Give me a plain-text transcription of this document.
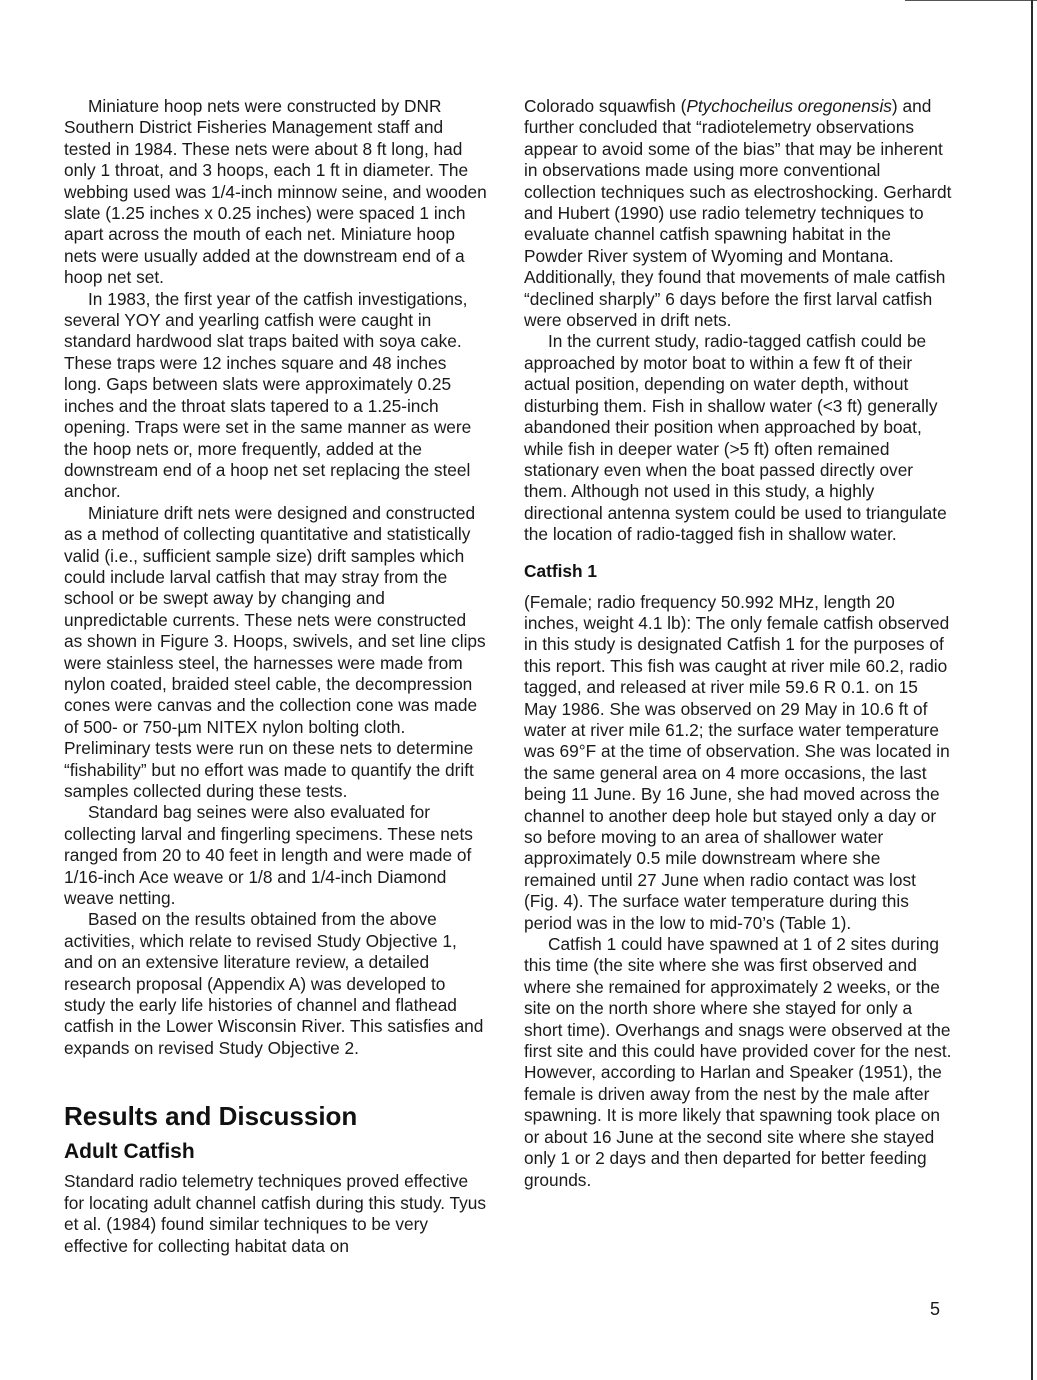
Miniature hoop nets were constructed by DNR Southern District Fisheries Management staff and tested in 1984. These nets were about 8 ft long, had only 1 throat, and 3 hoops, each 1 ft in diameter. The webbing used was 1/4-inch minnow seine, and wooden slate (1.25 inches x 0.25 inches) were spaced 1 inch apart across the mouth of each net. Miniature hoop nets were usually added at the downstream end of a hoop net set.

In 1983, the first year of the catfish investigations, several YOY and yearling catfish were caught in standard hardwood slat traps baited with soya cake. These traps were 12 inches square and 48 inches long. Gaps between slats were approximately 0.25 inches and the throat slats tapered to a 1.25-inch opening. Traps were set in the same manner as were the hoop nets or, more frequently, added at the downstream end of a hoop net set replacing the steel anchor.

Miniature drift nets were designed and constructed as a method of collecting quantitative and statistically valid (i.e., sufficient sample size) drift samples which could include larval catfish that may stray from the school or be swept away by changing and unpredictable currents. These nets were constructed as shown in Figure 3. Hoops, swivels, and set line clips were stainless steel, the harnesses were made from nylon coated, braided steel cable, the decompression cones were canvas and the collection cone was made of 500- or 750-µm NITEX nylon bolting cloth. Preliminary tests were run on these nets to determine “fishability” but no effort was made to quantify the drift samples collected during these tests.

Standard bag seines were also evaluated for collecting larval and fingerling specimens. These nets ranged from 20 to 40 feet in length and were made of 1/16-inch Ace weave or 1/8 and 1/4-inch Diamond weave netting.

Based on the results obtained from the above activities, which relate to revised Study Objective 1, and on an extensive literature review, a detailed research proposal (Appendix A) was developed to study the early life histories of channel and flathead catfish in the Lower Wisconsin River. This satisfies and expands on revised Study Objective 2.

Results and Discussion
Adult Catfish

Standard radio telemetry techniques proved effective for locating adult channel catfish during this study. Tyus et al. (1984) found similar techniques to be very effective for collecting habitat data on

Colorado squawfish (Ptychocheilus oregonensis) and further concluded that “radiotelemetry observations appear to avoid some of the bias” that may be inherent in observations made using more conventional collection techniques such as electroshocking. Gerhardt and Hubert (1990) use radio telemetry techniques to evaluate channel catfish spawning habitat in the Powder River system of Wyoming and Montana. Additionally, they found that movements of male catfish “declined sharply” 6 days before the first larval catfish were observed in drift nets.

In the current study, radio-tagged catfish could be approached by motor boat to within a few ft of their actual position, depending on water depth, without disturbing them. Fish in shallow water (<3 ft) generally abandoned their position when approached by boat, while fish in deeper water (>5 ft) often remained stationary even when the boat passed directly over them. Although not used in this study, a highly directional antenna system could be used to triangulate the location of radio-tagged fish in shallow water.

Catfish 1

(Female; radio frequency 50.992 MHz, length 20 inches, weight 4.1 lb): The only female catfish observed in this study is designated Catfish 1 for the purposes of this report. This fish was caught at river mile 60.2, radio tagged, and released at river mile 59.6 R 0.1. on 15 May 1986. She was observed on 29 May in 10.6 ft of water at river mile 61.2; the surface water temperature was 69°F at the time of observation. She was located in the same general area on 4 more occasions, the last being 11 June. By 16 June, she had moved across the channel to another deep hole but stayed only a day or so before moving to an area of shallower water approximately 0.5 mile downstream where she remained until 27 June when radio contact was lost (Fig. 4). The surface water temperature during this period was in the low to mid-70’s (Table 1).

Catfish 1 could have spawned at 1 of 2 sites during this time (the site where she was first observed and where she remained for approximately 2 weeks, or the site on the north shore where she stayed for only a short time). Overhangs and snags were observed at the first site and this could have provided cover for the nest. However, according to Harlan and Speaker (1951), the female is driven away from the nest by the male after spawning. It is more likely that spawning took place on or about 16 June at the second site where she stayed only 1 or 2 days and then departed for better feeding grounds.

5
